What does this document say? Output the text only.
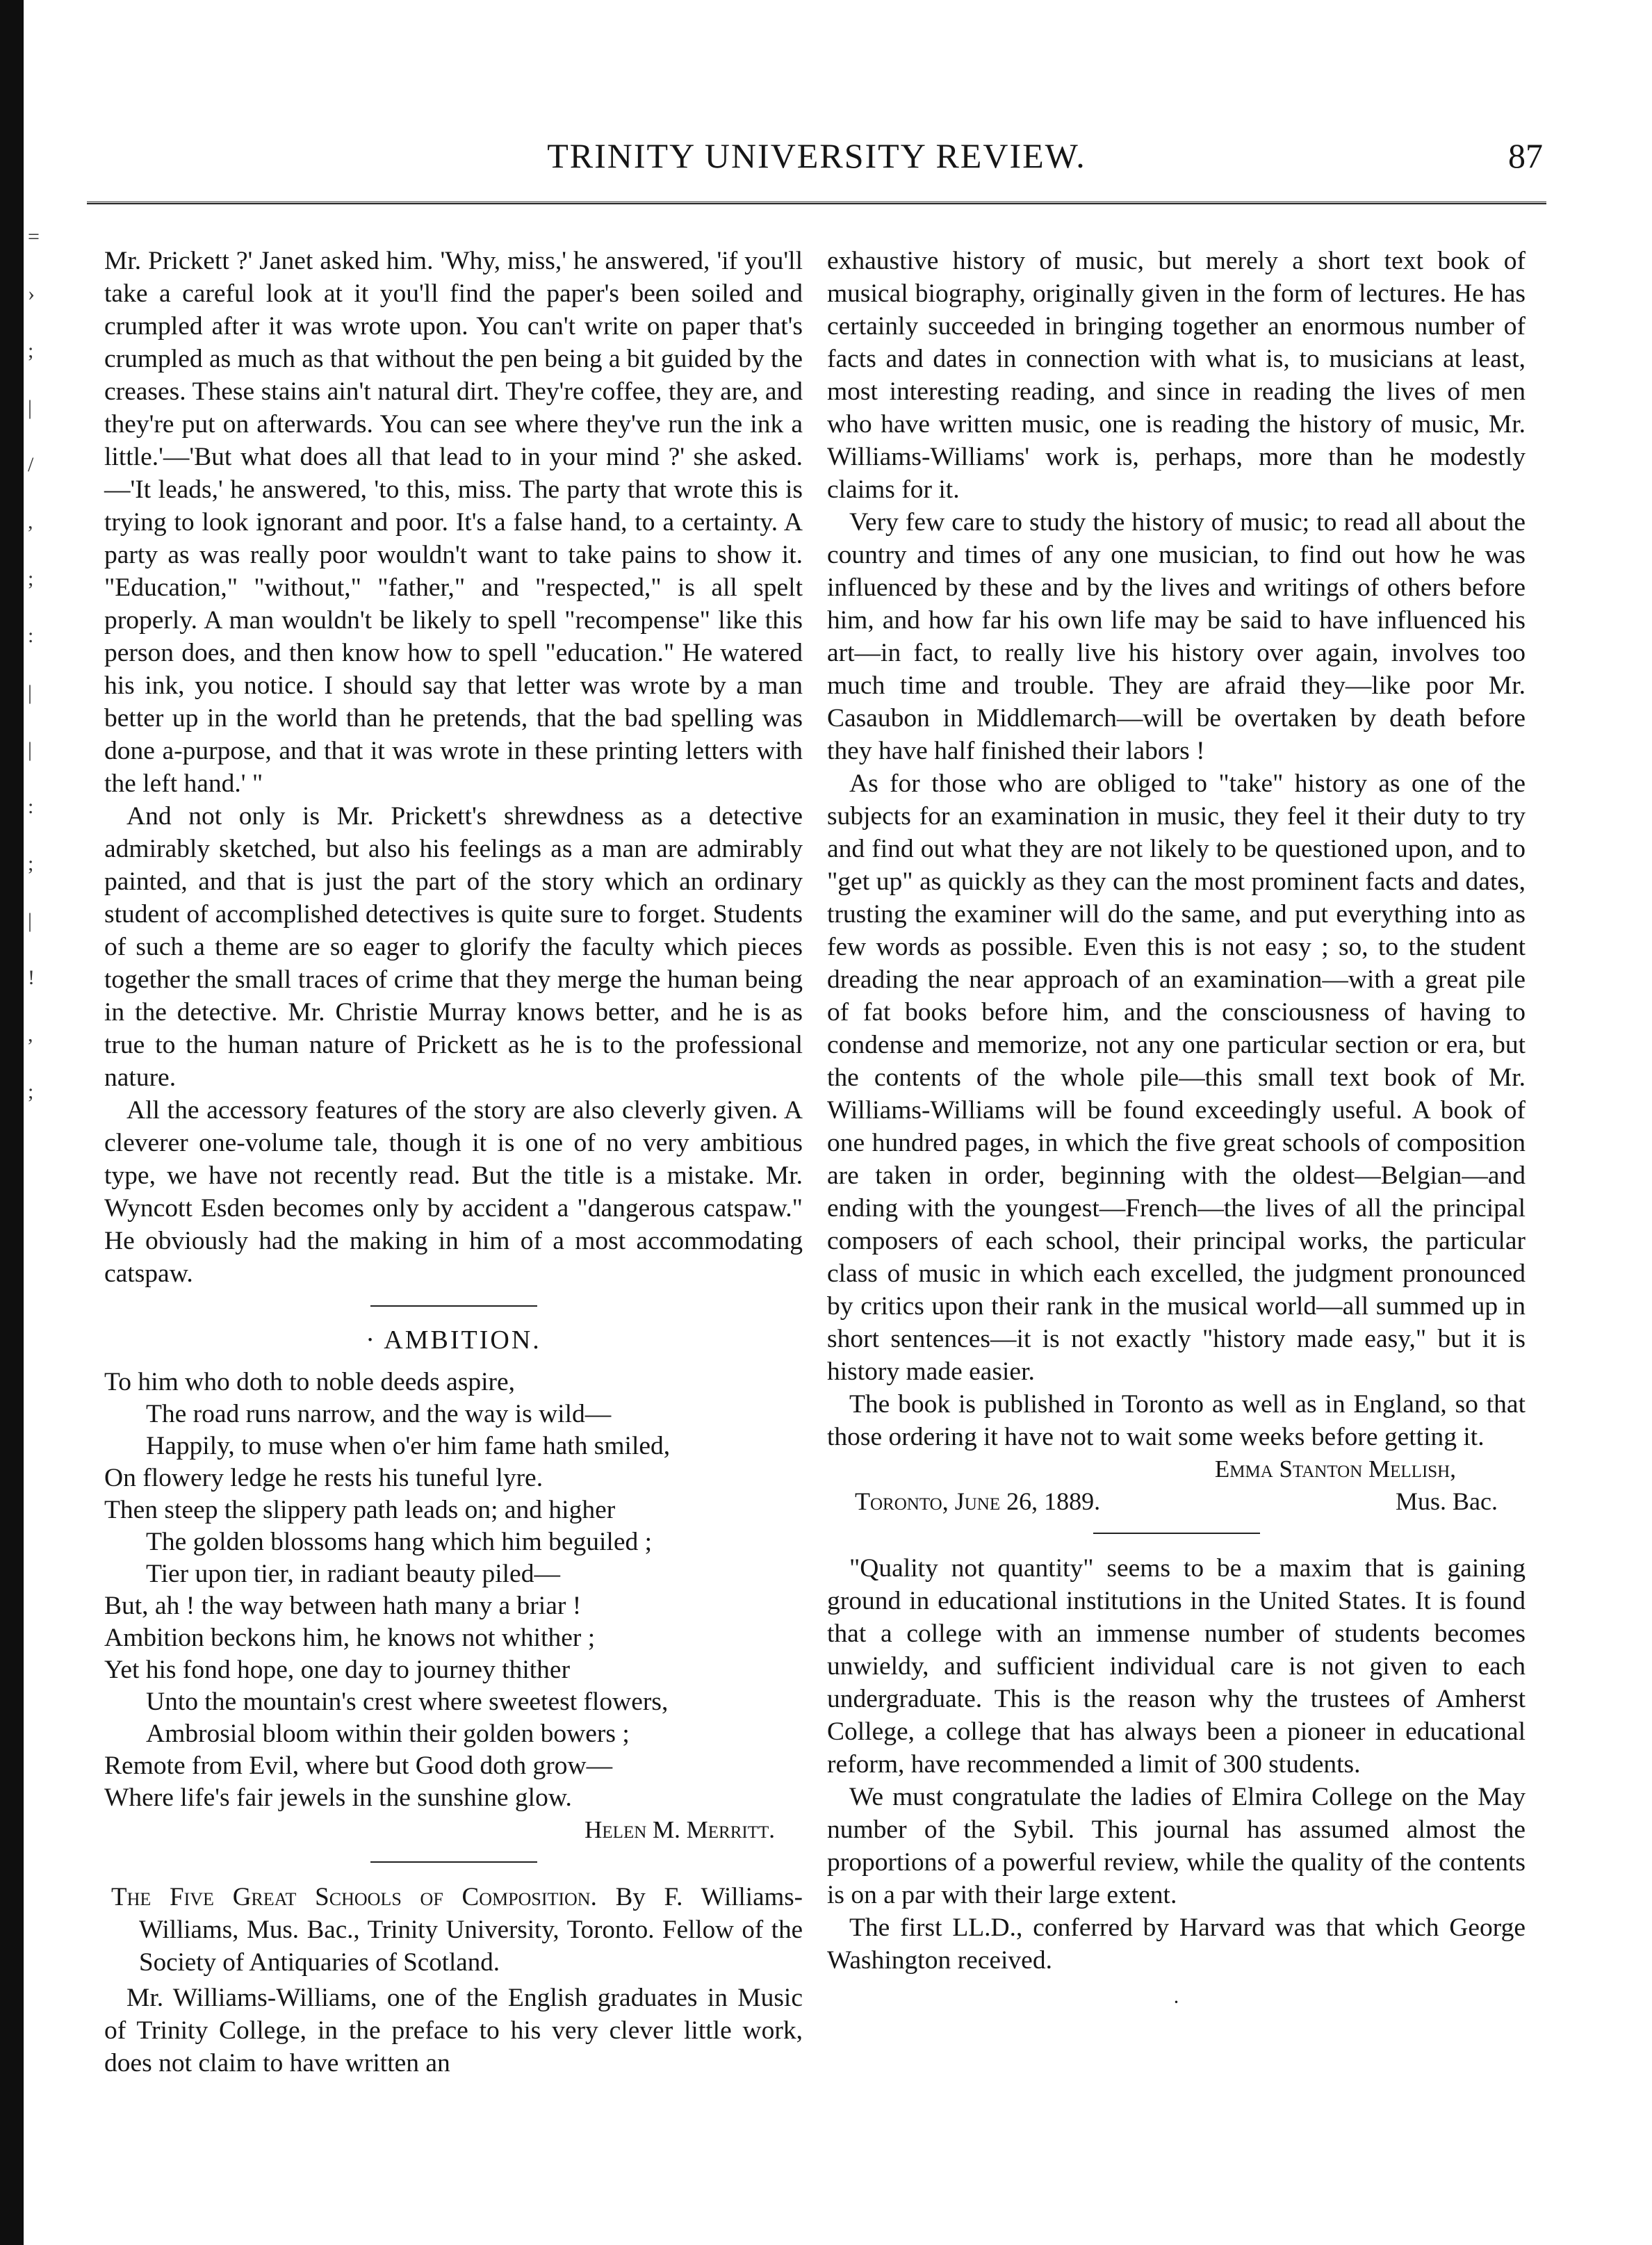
=
›
;
|
/
,
;
:
|
|
:
;
|
!
,
;
TRINITY UNIVERSITY REVIEW.	87

Mr. Prickett ?' Janet asked him. 'Why, miss,' he answered, 'if you'll take a careful look at it you'll find the paper's been soiled and crumpled after it was wrote upon. You can't write on paper that's crumpled as much as that without the pen being a bit guided by the creases. These stains ain't natural dirt. They're coffee, they are, and they're put on afterwards. You can see where they've run the ink a little.'—'But what does all that lead to in your mind ?' she asked. —'It leads,' he answered, 'to this, miss. The party that wrote this is trying to look ignorant and poor. It's a false hand, to a certainty. A party as was really poor wouldn't want to take pains to show it. "Education," "without," "father," and "respected," is all spelt properly. A man wouldn't be likely to spell "recompense" like this person does, and then know how to spell "education." He watered his ink, you notice. I should say that letter was wrote by a man better up in the world than he pretends, that the bad spelling was done a-purpose, and that it was wrote in these printing letters with the left hand.' "

And not only is Mr. Prickett's shrewdness as a detective admirably sketched, but also his feelings as a man are admirably painted, and that is just the part of the story which an ordinary student of accomplished detectives is quite sure to forget. Students of such a theme are so eager to glorify the faculty which pieces together the small traces of crime that they merge the human being in the detective. Mr. Christie Murray knows better, and he is as true to the human nature of Prickett as he is to the professional nature.

All the accessory features of the story are also cleverly given. A cleverer one-volume tale, though it is one of no very ambitious type, we have not recently read. But the title is a mistake. Mr. Wyncott Esden becomes only by accident a "dangerous catspaw." He obviously had the making in him of a most accommodating catspaw.

· AMBITION.
To him who doth to noble deeds aspire,
The road runs narrow, and the way is wild—
Happily, to muse when o'er him fame hath smiled,
On flowery ledge he rests his tuneful lyre.
Then steep the slippery path leads on; and higher
The golden blossoms hang which him beguiled ;
Tier upon tier, in radiant beauty piled—
But, ah ! the way between hath many a briar !
Ambition beckons him, he knows not whither ;
Yet his fond hope, one day to journey thither
Unto the mountain's crest where sweetest flowers,
Ambrosial bloom within their golden bowers ;
Remote from Evil, where but Good doth grow—
Where life's fair jewels in the sunshine glow.
Helen M. Merritt.

The Five Great Schools of Composition. By F. Williams-Williams, Mus. Bac., Trinity University, Toronto. Fellow of the Society of Antiquaries of Scotland.

Mr. Williams-Williams, one of the English graduates in Music of Trinity College, in the preface to his very clever little work, does not claim to have written an

exhaustive history of music, but merely a short text book of musical biography, originally given in the form of lectures. He has certainly succeeded in bringing together an enormous number of facts and dates in connection with what is, to musicians at least, most interesting reading, and since in reading the lives of men who have written music, one is reading the history of music, Mr. Williams-Williams' work is, perhaps, more than he modestly claims for it.

Very few care to study the history of music; to read all about the country and times of any one musician, to find out how he was influenced by these and by the lives and writings of others before him, and how far his own life may be said to have influenced his art—in fact, to really live his history over again, involves too much time and trouble. They are afraid they—like poor Mr. Casaubon in Middlemarch—will be overtaken by death before they have half finished their labors !

As for those who are obliged to "take" history as one of the subjects for an examination in music, they feel it their duty to try and find out what they are not likely to be questioned upon, and to "get up" as quickly as they can the most prominent facts and dates, trusting the examiner will do the same, and put everything into as few words as possible. Even this is not easy ; so, to the student dreading the near approach of an examination—with a great pile of fat books before him, and the consciousness of having to condense and memorize, not any one particular section or era, but the contents of the whole pile—this small text book of Mr. Williams-Williams will be found exceedingly useful. A book of one hundred pages, in which the five great schools of composition are taken in order, beginning with the oldest—Belgian—and ending with the youngest—French—the lives of all the principal composers of each school, their principal works, the particular class of music in which each excelled, the judgment pronounced by critics upon their rank in the musical world—all summed up in short sentences—it is not exactly "history made easy," but it is history made easier.

The book is published in Toronto as well as in England, so that those ordering it have not to wait some weeks before getting it.

Emma Stanton Mellish,
Toronto, June 26, 1889.	Mus. Bac.

"Quality not quantity" seems to be a maxim that is gaining ground in educational institutions in the United States. It is found that a college with an immense number of students becomes unwieldy, and sufficient individual care is not given to each undergraduate. This is the reason why the trustees of Amherst College, a college that has always been a pioneer in educational reform, have recommended a limit of 300 students.

We must congratulate the ladies of Elmira College on the May number of the Sybil. This journal has assumed almost the proportions of a powerful review, while the quality of the contents is on a par with their large extent.

The first LL.D., conferred by Harvard was that which George Washington received.

·
